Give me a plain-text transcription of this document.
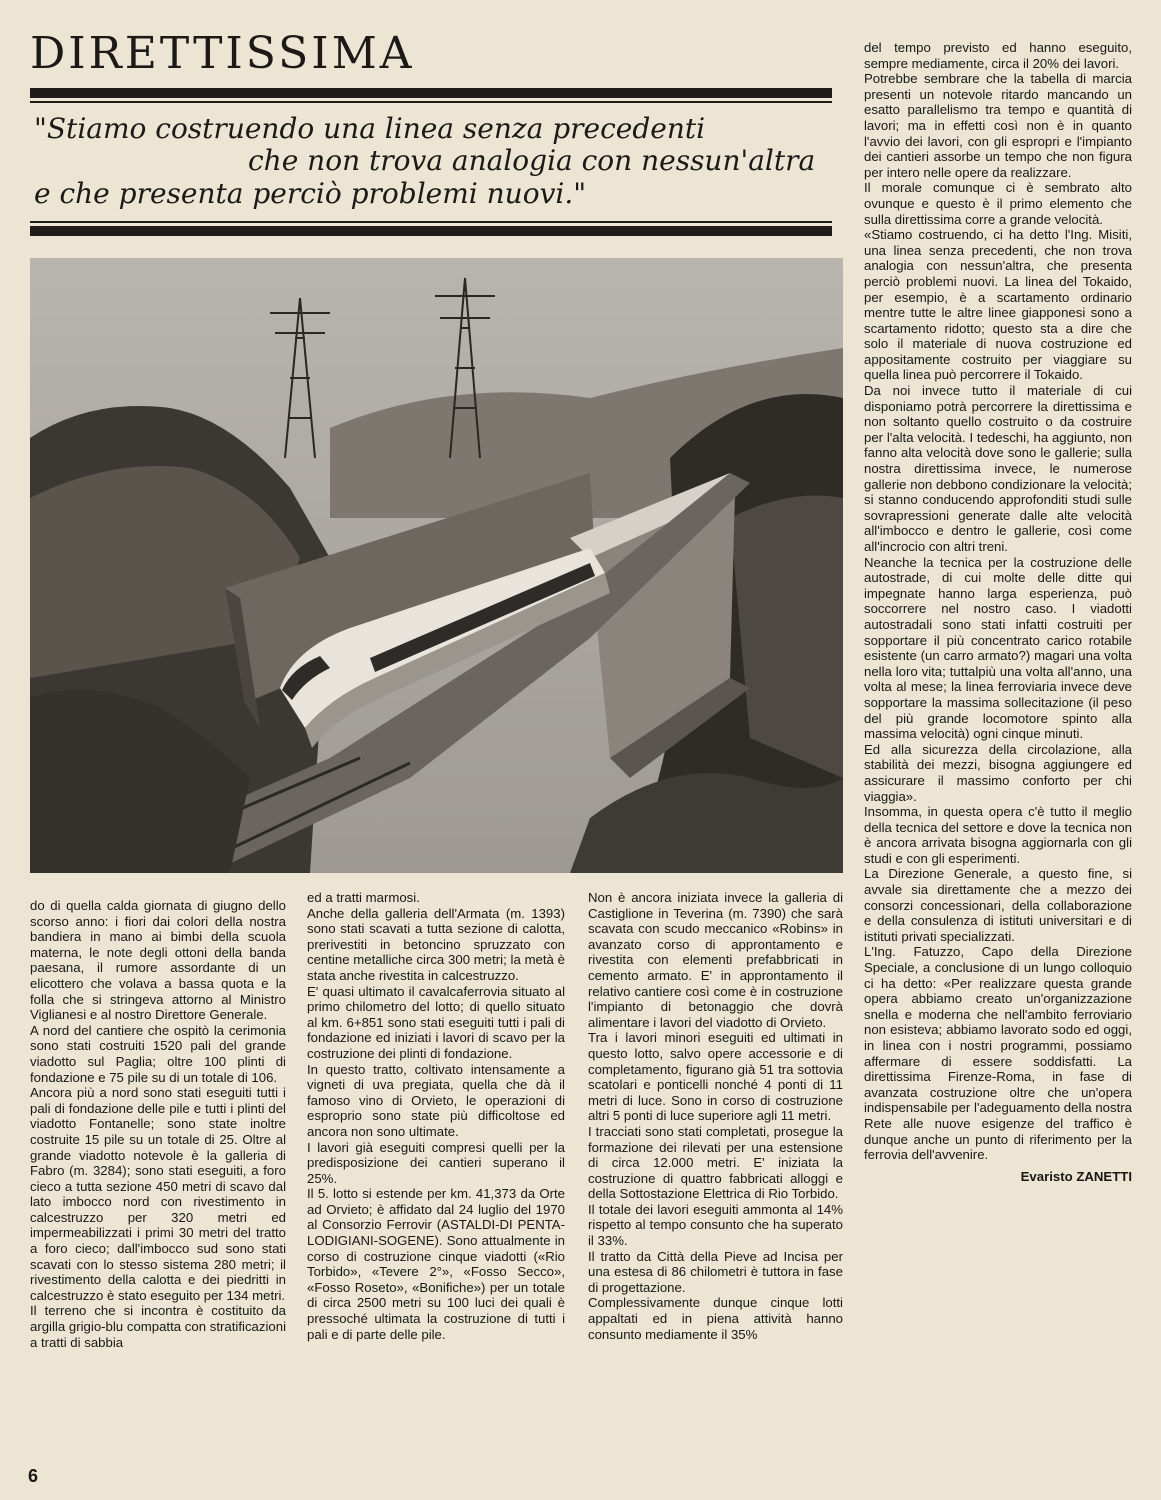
DIRETTISSIMA

"Stiamo costruendo una linea senza precedenti

che non trova analogia con nessun'altra

e che presenta perciò problemi nuovi."

do di quella calda giornata di giugno dello scorso anno: i fiori dai colori della nostra bandiera in mano ai bimbi della scuola materna, le note degli ottoni della banda paesana, il rumore assordante di un elicottero che volava a bassa quota e la folla che si stringeva attorno al Ministro Viglianesi e al nostro Direttore Generale.

A nord del cantiere che ospitò la cerimonia sono stati costruiti 1520 pali del grande viadotto sul Paglia; oltre 100 plinti di fondazione e 75 pile su di un totale di 106.

Ancora più a nord sono stati eseguiti tutti i pali di fondazione delle pile e tutti i plinti del viadotto Fontanelle; sono state inoltre costruite 15 pile su un totale di 25. Oltre al grande viadotto notevole è la galleria di Fabro (m. 3284); sono stati eseguiti, a foro cieco a tutta sezione 450 metri di scavo dal lato imbocco nord con rivestimento in calcestruzzo per 320 metri ed impermeabilizzati i primi 30 metri del tratto a foro cieco; dall'imbocco sud sono stati scavati con lo stesso sistema 280 metri; il rivestimento della calotta e dei piedritti in calcestruzzo è stato eseguito per 134 metri.

Il terreno che si incontra è costituito da argilla grigio-blu compatta con stratificazioni a tratti di sabbia

ed a tratti marmosi.

Anche della galleria dell'Armata (m. 1393) sono stati scavati a tutta sezione di calotta, prerivestiti in betoncino spruzzato con centine metalliche circa 300 metri; la metà è stata anche rivestita in calcestruzzo.

E' quasi ultimato il cavalcaferrovia situato al primo chilometro del lotto; di quello situato al km. 6+851 sono stati eseguiti tutti i pali di fondazione ed iniziati i lavori di scavo per la costruzione dei plinti di fondazione.

In questo tratto, coltivato intensamente a vigneti di uva pregiata, quella che dà il famoso vino di Orvieto, le operazioni di esproprio sono state più difficoltose ed ancora non sono ultimate.

I lavori già eseguiti compresi quelli per la predisposizione dei cantieri superano il 25%.

Il 5. lotto si estende per km. 41,373 da Orte ad Orvieto; è affidato dal 24 luglio del 1970 al Consorzio Ferrovir (ASTALDI-DI PENTA-LODIGIANI-SOGENE). Sono attualmente in corso di costruzione cinque viadotti («Rio Torbido», «Tevere 2°», «Fosso Secco», «Fosso Roseto», «Bonifiche») per un totale di circa 2500 metri su 100 luci dei quali è pressoché ultimata la costruzione di tutti i pali e di parte delle pile.

Non è ancora iniziata invece la galleria di Castiglione in Teverina (m. 7390) che sarà scavata con scudo meccanico «Robins» in avanzato corso di approntamento e rivestita con elementi prefabbricati in cemento armato. E' in approntamento il relativo cantiere così come è in costruzione l'impianto di betonaggio che dovrà alimentare i lavori del viadotto di Orvieto.

Tra i lavori minori eseguiti ed ultimati in questo lotto, salvo opere accessorie e di completamento, figurano già 51 tra sottovia scatolari e ponticelli nonché 4 ponti di 11 metri di luce. Sono in corso di costruzione altri 5 ponti di luce superiore agli 11 metri.

I tracciati sono stati completati, prosegue la formazione dei rilevati per una estensione di circa 12.000 metri. E' iniziata la costruzione di quattro fabbricati alloggi e della Sottostazione Elettrica di Rio Torbido.

Il totale dei lavori eseguiti ammonta al 14% rispetto al tempo consunto che ha superato il 33%.

Il tratto da Città della Pieve ad Incisa per una estesa di 86 chilometri è tuttora in fase di progettazione.

Complessivamente dunque cinque lotti appaltati ed in piena attività hanno consunto mediamente il 35%

del tempo previsto ed hanno eseguito, sempre mediamente, circa il 20% dei lavori.

Potrebbe sembrare che la tabella di marcia presenti un notevole ritardo mancando un esatto parallelismo tra tempo e quantità di lavori; ma in effetti così non è in quanto l'avvio dei lavori, con gli espropri e l'impianto dei cantieri assorbe un tempo che non figura per intero nelle opere da realizzare.

Il morale comunque ci è sembrato alto ovunque e questo è il primo elemento che sulla direttissima corre a grande velocità.

«Stiamo costruendo, ci ha detto l'Ing. Misiti, una linea senza precedenti, che non trova analogia con nessun'altra, che presenta perciò problemi nuovi. La linea del Tokaido, per esempio, è a scartamento ordinario mentre tutte le altre linee giapponesi sono a scartamento ridotto; questo sta a dire che solo il materiale di nuova costruzione ed appositamente costruito per viaggiare su quella linea può percorrere il Tokaido.

Da noi invece tutto il materiale di cui disponiamo potrà percorrere la direttissima e non soltanto quello costruito o da costruire per l'alta velocità. I tedeschi, ha aggiunto, non fanno alta velocità dove sono le gallerie; sulla nostra direttissima invece, le numerose gallerie non debbono condizionare la velocità; si stanno conducendo approfonditi studi sulle sovrapressioni generate dalle alte velocità all'imbocco e dentro le gallerie, così come all'incrocio con altri treni.

Neanche la tecnica per la costruzione delle autostrade, di cui molte delle ditte qui impegnate hanno larga esperienza, può soccorrere nel nostro caso. I viadotti autostradali sono stati infatti costruiti per sopportare il più concentrato carico rotabile esistente (un carro armato?) magari una volta nella loro vita; tuttalpiù una volta all'anno, una volta al mese; la linea ferroviaria invece deve sopportare la massima sollecitazione (il peso del più grande locomotore spinto alla massima velocità) ogni cinque minuti.

Ed alla sicurezza della circolazione, alla stabilità dei mezzi, bisogna aggiungere ed assicurare il massimo conforto per chi viaggia».

Insomma, in questa opera c'è tutto il meglio della tecnica del settore e dove la tecnica non è ancora arrivata bisogna aggiornarla con gli studi e con gli esperimenti.

La Direzione Generale, a questo fine, si avvale sia direttamente che a mezzo dei consorzi concessionari, della collaborazione e della consulenza di istituti universitari e di istituti privati specializzati.

L'Ing. Fatuzzo, Capo della Direzione Speciale, a conclusione di un lungo colloquio ci ha detto: «Per realizzare questa grande opera abbiamo creato un'organizzazione snella e moderna che nell'ambito ferroviario non esisteva; abbiamo lavorato sodo ed oggi, in linea con i nostri programmi, possiamo affermare di essere soddisfatti. La direttissima Firenze-Roma, in fase di avanzata costruzione oltre che un'opera indispensabile per l'adeguamento della nostra Rete alle nuove esigenze del traffico è dunque anche un punto di riferimento per la ferrovia dell'avvenire.

Evaristo ZANETTI

6
